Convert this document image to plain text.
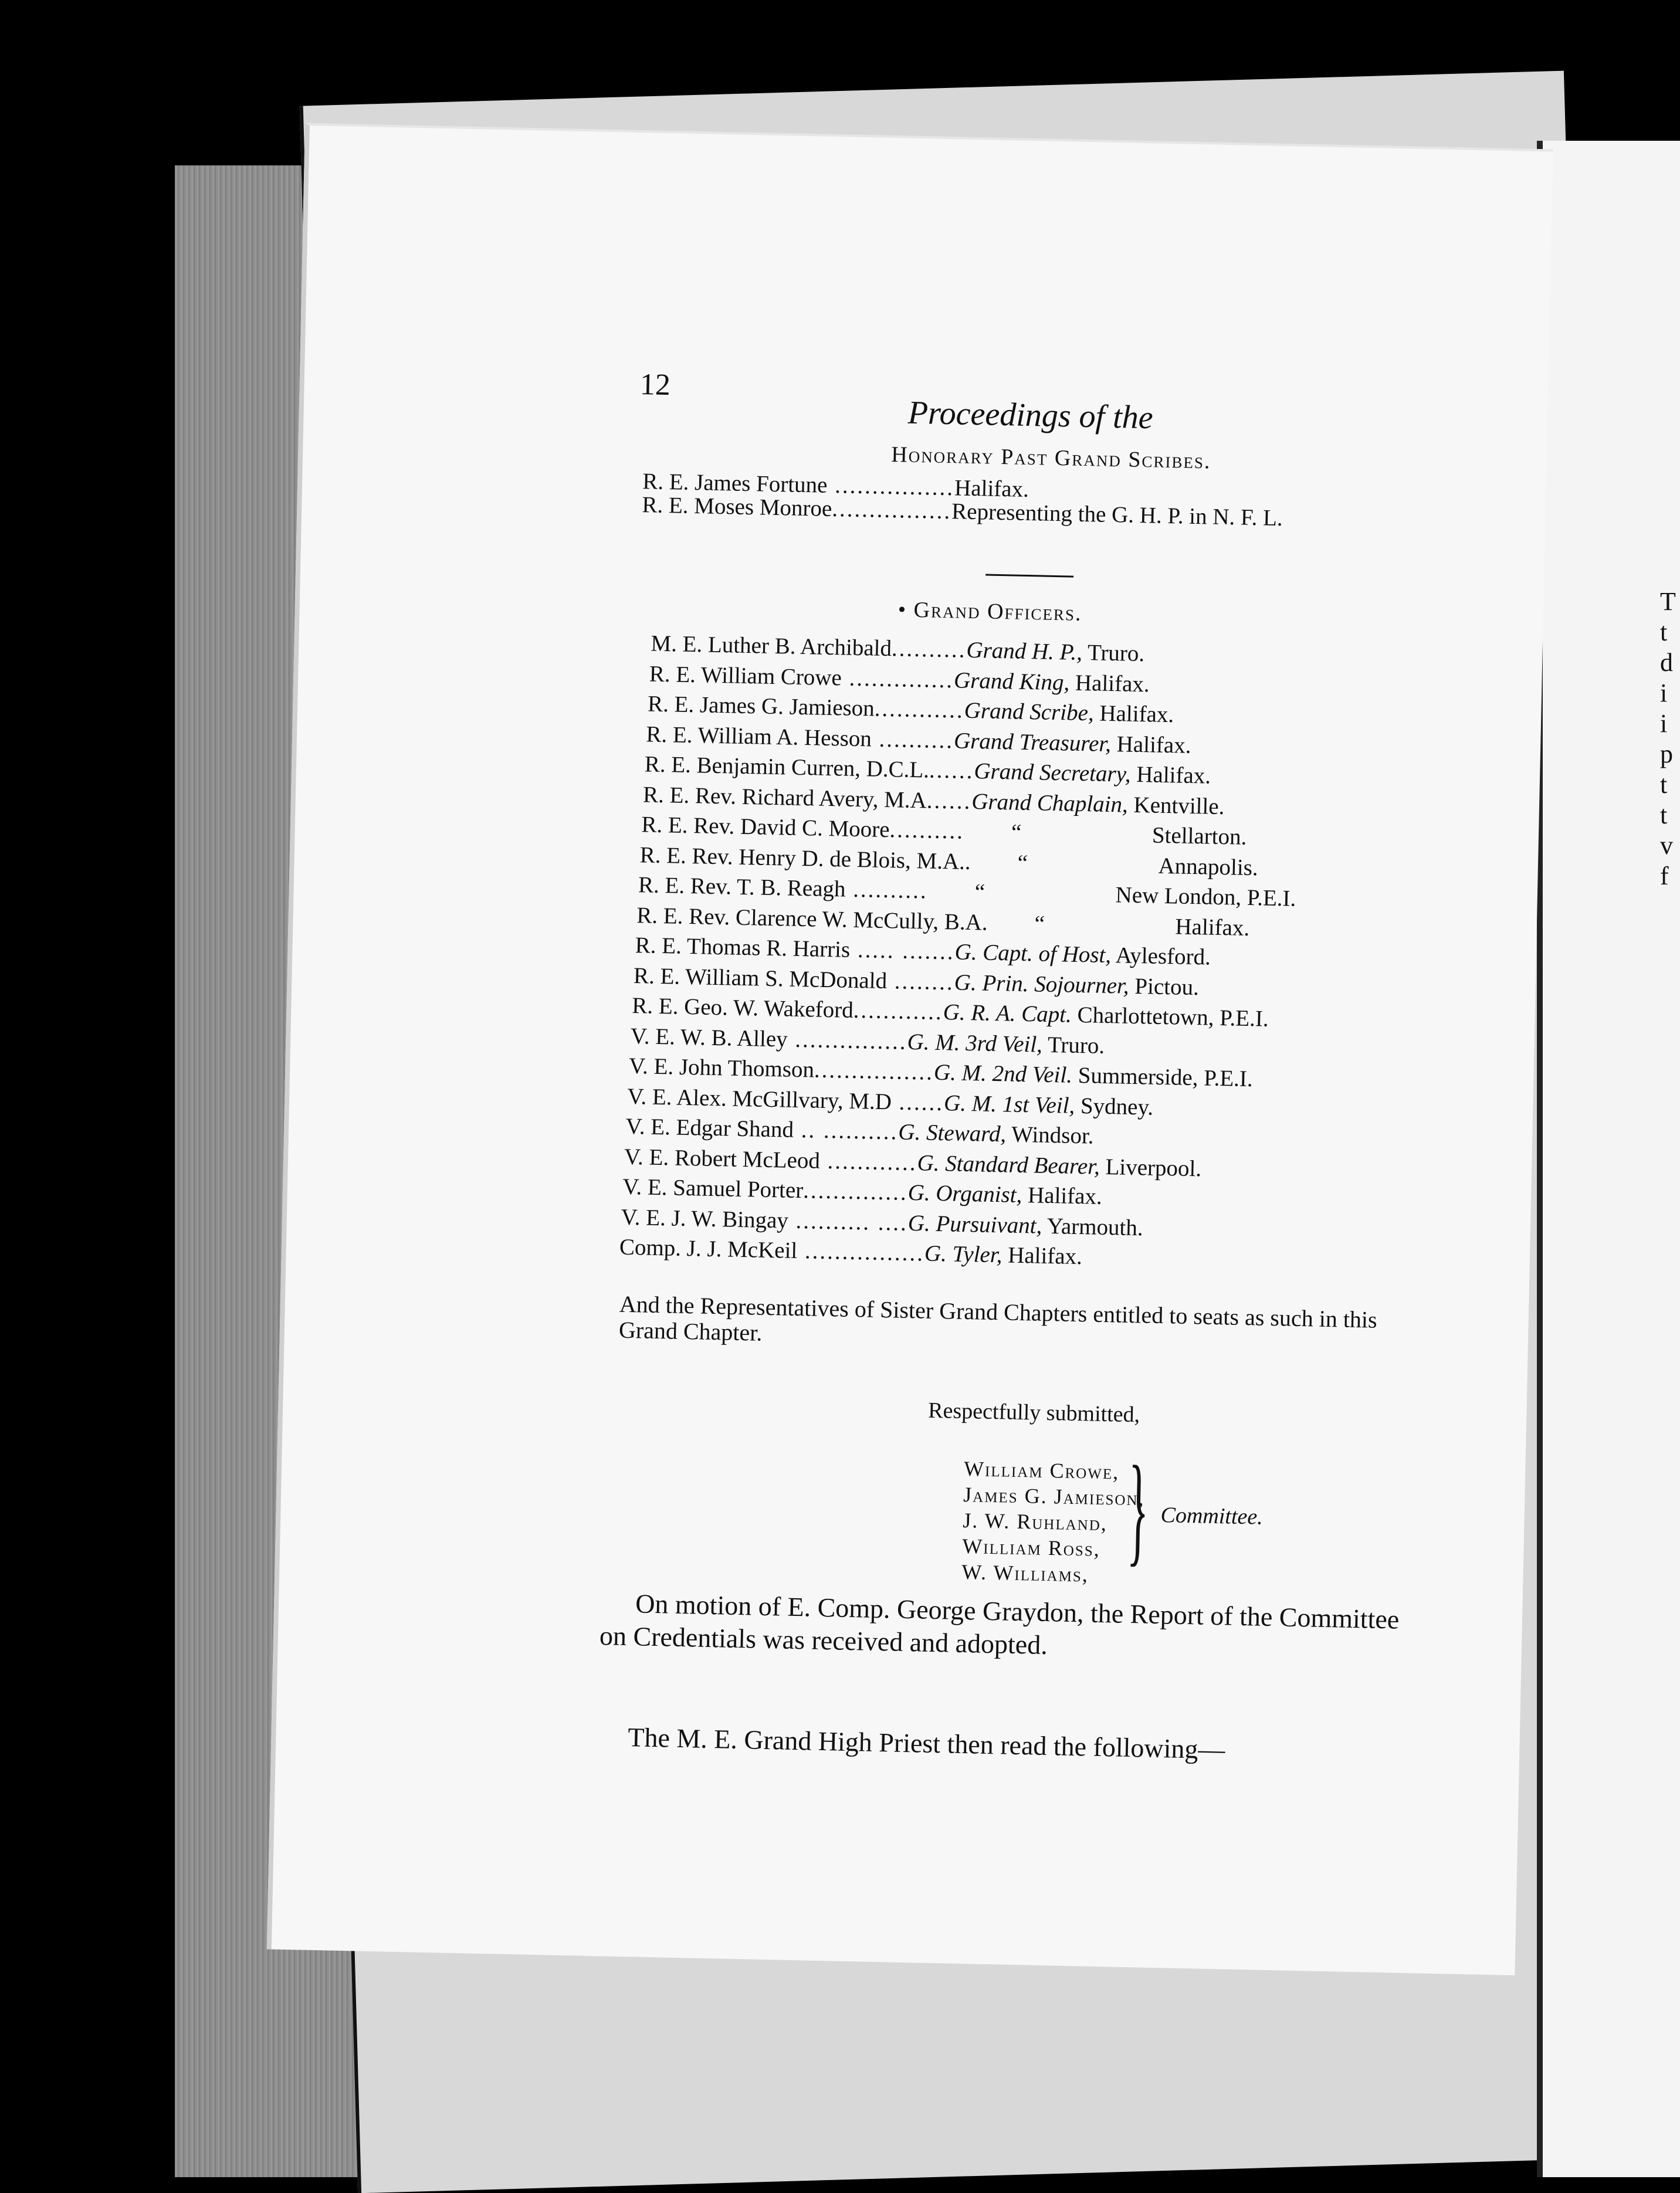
T
t
d
i
i
p
t
t
v
f
12
Proceedings of the
Honorary Past Grand Scribes.
R. E. James Fortune ................Halifax.
R. E. Moses Monroe................Representing the G. H. P. in N. F. L.
• Grand Officers.
M. E. Luther B. Archibald..........Grand H. P., Truro.
R. E. William Crowe ..............Grand King, Halifax.
R. E. James G. Jamieson............Grand Scribe, Halifax.
R. E. William A. Hesson ..........Grand Treasurer, Halifax.
R. E. Benjamin Curren, D.C.L.......Grand Secretary, Halifax.
R. E. Rev. Richard Avery, M.A......Grand Chaplain, Kentville.
R. E. Rev. David C. Moore.......... “	Stellarton.
R. E. Rev. Henry D. de Blois, M.A.. “	Annapolis.
R. E. Rev. T. B. Reagh .......... “	New London, P.E.I.
R. E. Rev. Clarence W. McCully, B.A. “	Halifax.
R. E. Thomas R. Harris ..... .......G. Capt. of Host, Aylesford.
R. E. William S. McDonald ........G. Prin. Sojourner, Pictou.
R. E. Geo. W. Wakeford............G. R. A. Capt. Charlottetown, P.E.I.
V. E. W. B. Alley ...............G. M. 3rd Veil, Truro.
V. E. John Thomson................G. M. 2nd Veil. Summerside, P.E.I.
V. E. Alex. McGillvary, M.D ......G. M. 1st Veil, Sydney.
V. E. Edgar Shand .. ..........G. Steward, Windsor.
V. E. Robert McLeod ............G. Standard Bearer, Liverpool.
V. E. Samuel Porter..............G. Organist, Halifax.
V. E. J. W. Bingay .......... ....G. Pursuivant, Yarmouth.
Comp. J. J. McKeil ................G. Tyler, Halifax.
And the Representatives of Sister Grand Chapters entitled to seats as such in this Grand Chapter.
Respectfully submitted,
William Crowe,
James G. Jamieson,
J. W. Ruhland,
William Ross,
W. Williams, } Committee.
On motion of E. Comp. George Graydon, the Report of the Committee on Credentials was received and adopted.
The M. E. Grand High Priest then read the following—
